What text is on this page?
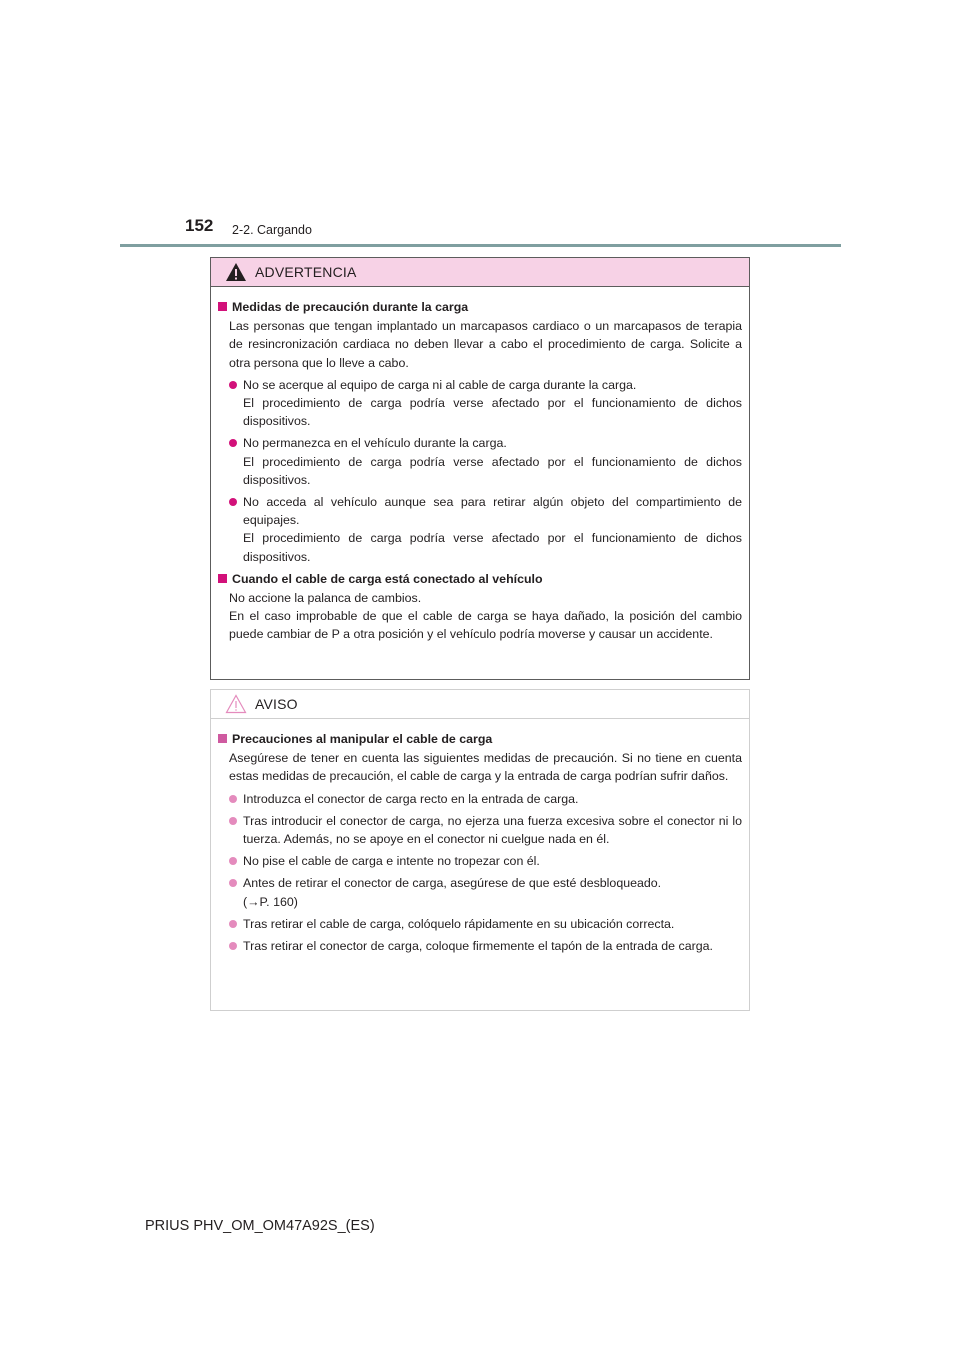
152 2-2. Cargando
ADVERTENCIA
Medidas de precaución durante la carga
Las personas que tengan implantado un marcapasos cardiaco o un marcapasos de terapia de resincronización cardiaca no deben llevar a cabo el procedimiento de carga. Solicite a otra persona que lo lleve a cabo.
No se acerque al equipo de carga ni al cable de carga durante la carga.
El procedimiento de carga podría verse afectado por el funcionamiento de dichos dispositivos.
No permanezca en el vehículo durante la carga.
El procedimiento de carga podría verse afectado por el funcionamiento de dichos dispositivos.
No acceda al vehículo aunque sea para retirar algún objeto del compartimiento de equipajes.
El procedimiento de carga podría verse afectado por el funcionamiento de dichos dispositivos.
Cuando el cable de carga está conectado al vehículo
No accione la palanca de cambios.
En el caso improbable de que el cable de carga se haya dañado, la posición del cambio puede cambiar de P a otra posición y el vehículo podría moverse y causar un accidente.
AVISO
Precauciones al manipular el cable de carga
Asegúrese de tener en cuenta las siguientes medidas de precaución. Si no tiene en cuenta estas medidas de precaución, el cable de carga y la entrada de carga podrían sufrir daños.
Introduzca el conector de carga recto en la entrada de carga.
Tras introducir el conector de carga, no ejerza una fuerza excesiva sobre el conector ni lo tuerza. Además, no se apoye en el conector ni cuelgue nada en él.
No pise el cable de carga e intente no tropezar con él.
Antes de retirar el conector de carga, asegúrese de que esté desbloqueado.
(→P. 160)
Tras retirar el cable de carga, colóquelo rápidamente en su ubicación correcta.
Tras retirar el conector de carga, coloque firmemente el tapón de la entrada de carga.
PRIUS PHV_OM_OM47A92S_(ES)
